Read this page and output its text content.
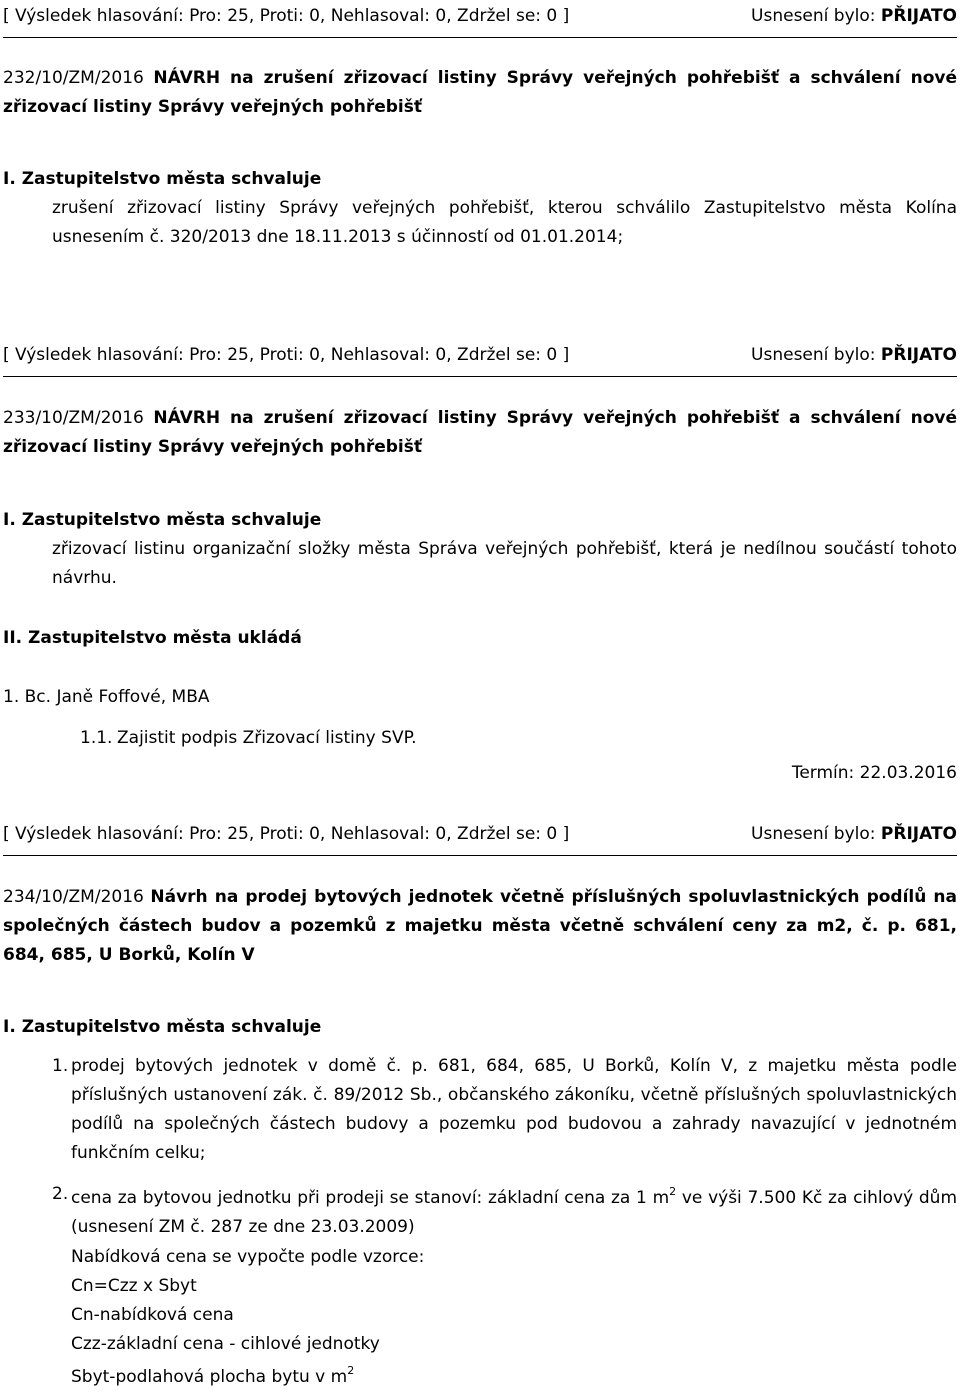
[ Výsledek hlasování: Pro: 25, Proti: 0, Nehlasoval: 0, Zdržel se: 0 ]	Usnesení bylo: PŘIJATO
232/10/ZM/2016 NÁVRH na zrušení zřizovací listiny Správy veřejných pohřebišť a schválení nové zřizovací listiny Správy veřejných pohřebišť
I. Zastupitelstvo města schvaluje
zrušení zřizovací listiny Správy veřejných pohřebišť, kterou schválilo Zastupitelstvo města Kolína usnesením č. 320/2013 dne 18.11.2013 s účinností od 01.01.2014;
[ Výsledek hlasování: Pro: 25, Proti: 0, Nehlasoval: 0, Zdržel se: 0 ]	Usnesení bylo: PŘIJATO
233/10/ZM/2016 NÁVRH na zrušení zřizovací listiny Správy veřejných pohřebišť a schválení nové zřizovací listiny Správy veřejných pohřebišť
I. Zastupitelstvo města schvaluje
zřizovací listinu organizační složky města Správa veřejných pohřebišť, která je nedílnou součástí tohoto návrhu.
II. Zastupitelstvo města ukládá
1. Bc. Janě Foffové, MBA
1.1. Zajistit podpis Zřizovací listiny SVP.
Termín: 22.03.2016
[ Výsledek hlasování: Pro: 25, Proti: 0, Nehlasoval: 0, Zdržel se: 0 ]	Usnesení bylo: PŘIJATO
234/10/ZM/2016 Návrh na prodej bytových jednotek včetně příslušných spoluvlastnických podílů na společných částech budov a pozemků z majetku města včetně schválení ceny za m2, č. p. 681, 684, 685, U Borků, Kolín V
I. Zastupitelstvo města schvaluje
1. prodej bytových jednotek v domě č. p. 681, 684, 685, U Borků, Kolín V, z majetku města podle příslušných ustanovení zák. č. 89/2012 Sb., občanského zákoníku, včetně příslušných spoluvlastnických podílů na společných částech budovy a pozemku pod budovou a zahrady navazující v jednotném funkčním celku;
2. cena za bytovou jednotku při prodeji se stanoví: základní cena za 1 $m^2$ ve výši 7.500 Kč za cihlový dům (usnesení ZM č. 287 ze dne 23.03.2009)
Nabídková cena se vypočte podle vzorce:
Cn=Czz x Sbyt
Cn-nabídková cena
Czz-základní cena - cihlové jednotky
Sbyt-podlahová plocha bytu v $m^2$
